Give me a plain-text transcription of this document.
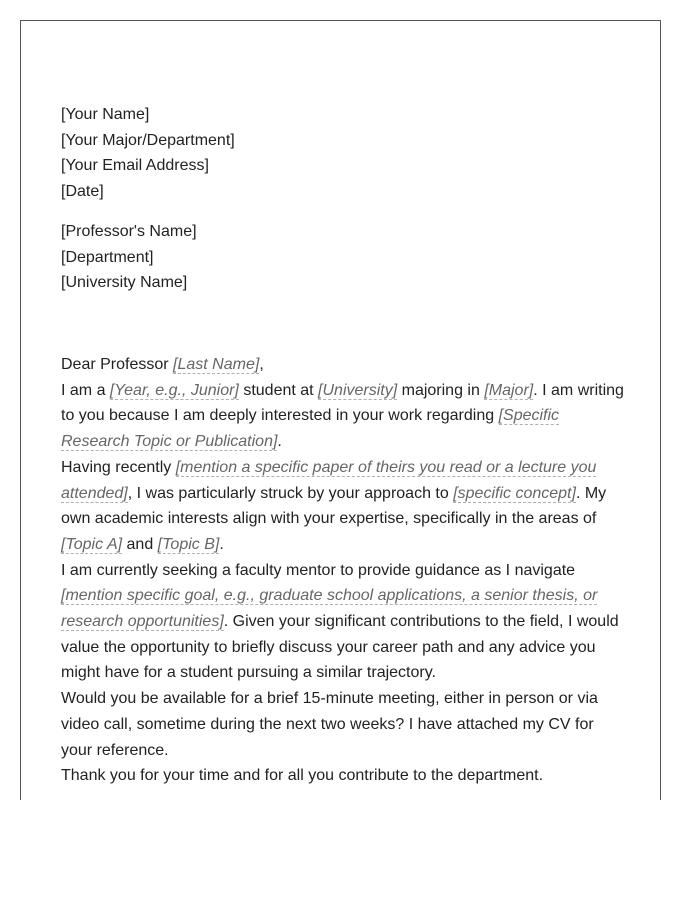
[Your Name]
[Your Major/Department]
[Your Email Address]
[Date]
[Professor's Name]
[Department]
[University Name]
Dear Professor [Last Name],
I am a [Year, e.g., Junior] student at [University] majoring in [Major]. I am writing to you because I am deeply interested in your work regarding [Specific Research Topic or Publication].
Having recently [mention a specific paper of theirs you read or a lecture you attended], I was particularly struck by your approach to [specific concept]. My own academic interests align with your expertise, specifically in the areas of [Topic A] and [Topic B].
I am currently seeking a faculty mentor to provide guidance as I navigate [mention specific goal, e.g., graduate school applications, a senior thesis, or research opportunities]. Given your significant contributions to the field, I would value the opportunity to briefly discuss your career path and any advice you might have for a student pursuing a similar trajectory.
Would you be available for a brief 15-minute meeting, either in person or via video call, sometime during the next two weeks? I have attached my CV for your reference.
Thank you for your time and for all you contribute to the department.
